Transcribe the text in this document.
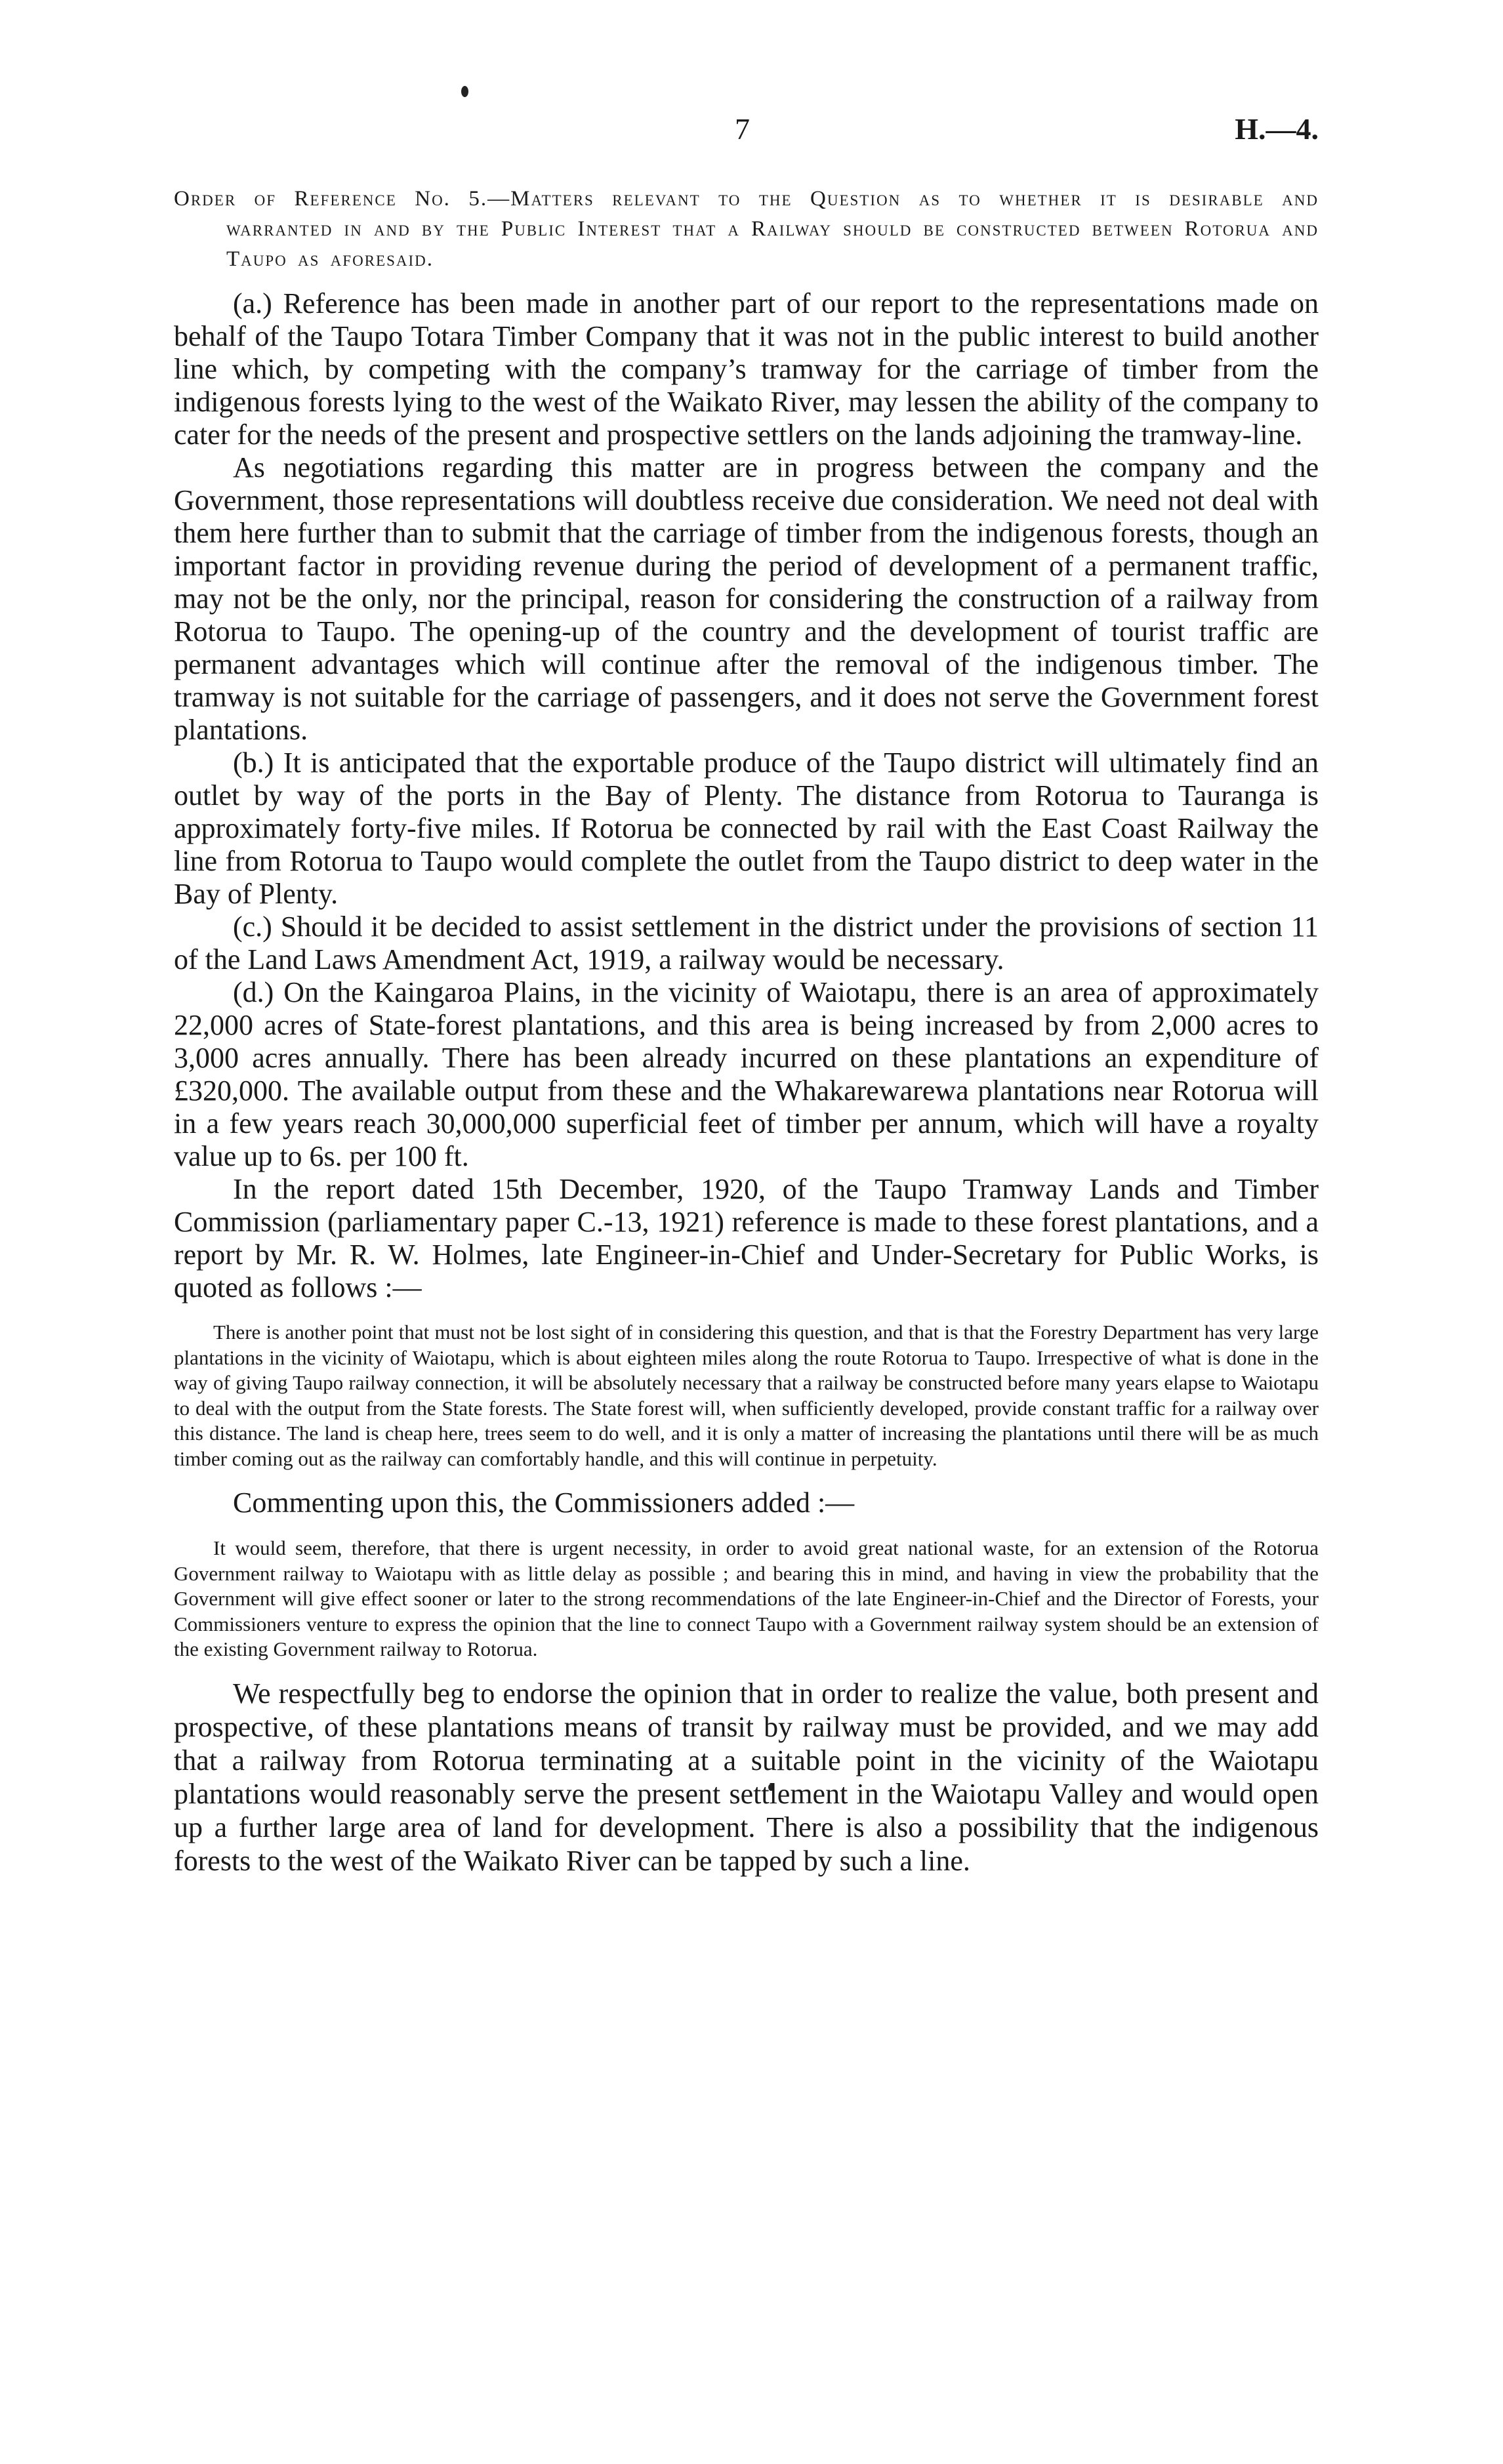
7	H.—4.

Order of Reference No. 5.—Matters relevant to the Question as to whether it is desirable and warranted in and by the Public Interest that a Railway should be constructed between Rotorua and Taupo as aforesaid.

(a.) Reference has been made in another part of our report to the representations made on behalf of the Taupo Totara Timber Company that it was not in the public interest to build another line which, by competing with the company’s tramway for the carriage of timber from the indigenous forests lying to the west of the Waikato River, may lessen the ability of the company to cater for the needs of the present and prospective settlers on the lands adjoining the tramway-line.

As negotiations regarding this matter are in progress between the company and the Government, those representations will doubtless receive due consideration. We need not deal with them here further than to submit that the carriage of timber from the indigenous forests, though an important factor in providing revenue during the period of development of a permanent traffic, may not be the only, nor the principal, reason for considering the construction of a railway from Rotorua to Taupo. The opening-up of the country and the development of tourist traffic are permanent advantages which will continue after the removal of the indigenous timber. The tramway is not suitable for the carriage of passengers, and it does not serve the Government forest plantations.

(b.) It is anticipated that the exportable produce of the Taupo district will ultimately find an outlet by way of the ports in the Bay of Plenty. The distance from Rotorua to Tauranga is approximately forty-five miles. If Rotorua be connected by rail with the East Coast Railway the line from Rotorua to Taupo would complete the outlet from the Taupo district to deep water in the Bay of Plenty.

(c.) Should it be decided to assist settlement in the district under the provisions of section 11 of the Land Laws Amendment Act, 1919, a railway would be necessary.

(d.) On the Kaingaroa Plains, in the vicinity of Waiotapu, there is an area of approximately 22,000 acres of State-forest plantations, and this area is being increased by from 2,000 acres to 3,000 acres annually. There has been already incurred on these plantations an expenditure of £320,000. The available output from these and the Whakarewarewa plantations near Rotorua will in a few years reach 30,000,000 superficial feet of timber per annum, which will have a royalty value up to 6s. per 100 ft.

In the report dated 15th December, 1920, of the Taupo Tramway Lands and Timber Commission (parliamentary paper C.-13, 1921) reference is made to these forest plantations, and a report by Mr. R. W. Holmes, late Engineer-in-Chief and Under-Secretary for Public Works, is quoted as follows :—

There is another point that must not be lost sight of in considering this question, and that is that the Forestry Department has very large plantations in the vicinity of Waiotapu, which is about eighteen miles along the route Rotorua to Taupo. Irrespective of what is done in the way of giving Taupo railway connection, it will be absolutely necessary that a railway be constructed before many years elapse to Waiotapu to deal with the output from the State forests. The State forest will, when sufficiently developed, provide constant traffic for a railway over this distance. The land is cheap here, trees seem to do well, and it is only a matter of increasing the plantations until there will be as much timber coming out as the railway can comfortably handle, and this will continue in perpetuity.

Commenting upon this, the Commissioners added :—

It would seem, therefore, that there is urgent necessity, in order to avoid great national waste, for an extension of the Rotorua Government railway to Waiotapu with as little delay as possible ; and bearing this in mind, and having in view the probability that the Government will give effect sooner or later to the strong recommendations of the late Engineer-in-Chief and the Director of Forests, your Commissioners venture to express the opinion that the line to connect Taupo with a Government railway system should be an extension of the existing Government railway to Rotorua.

We respectfully beg to endorse the opinion that in order to realize the value, both present and prospective, of these plantations means of transit by railway must be provided, and we may add that a railway from Rotorua terminating at a suitable point in the vicinity of the Waiotapu plantations would reasonably serve the present settlement in the Waiotapu Valley and would open up a further large area of land for development. There is also a possibility that the indigenous forests to the west of the Waikato River can be tapped by such a line.
